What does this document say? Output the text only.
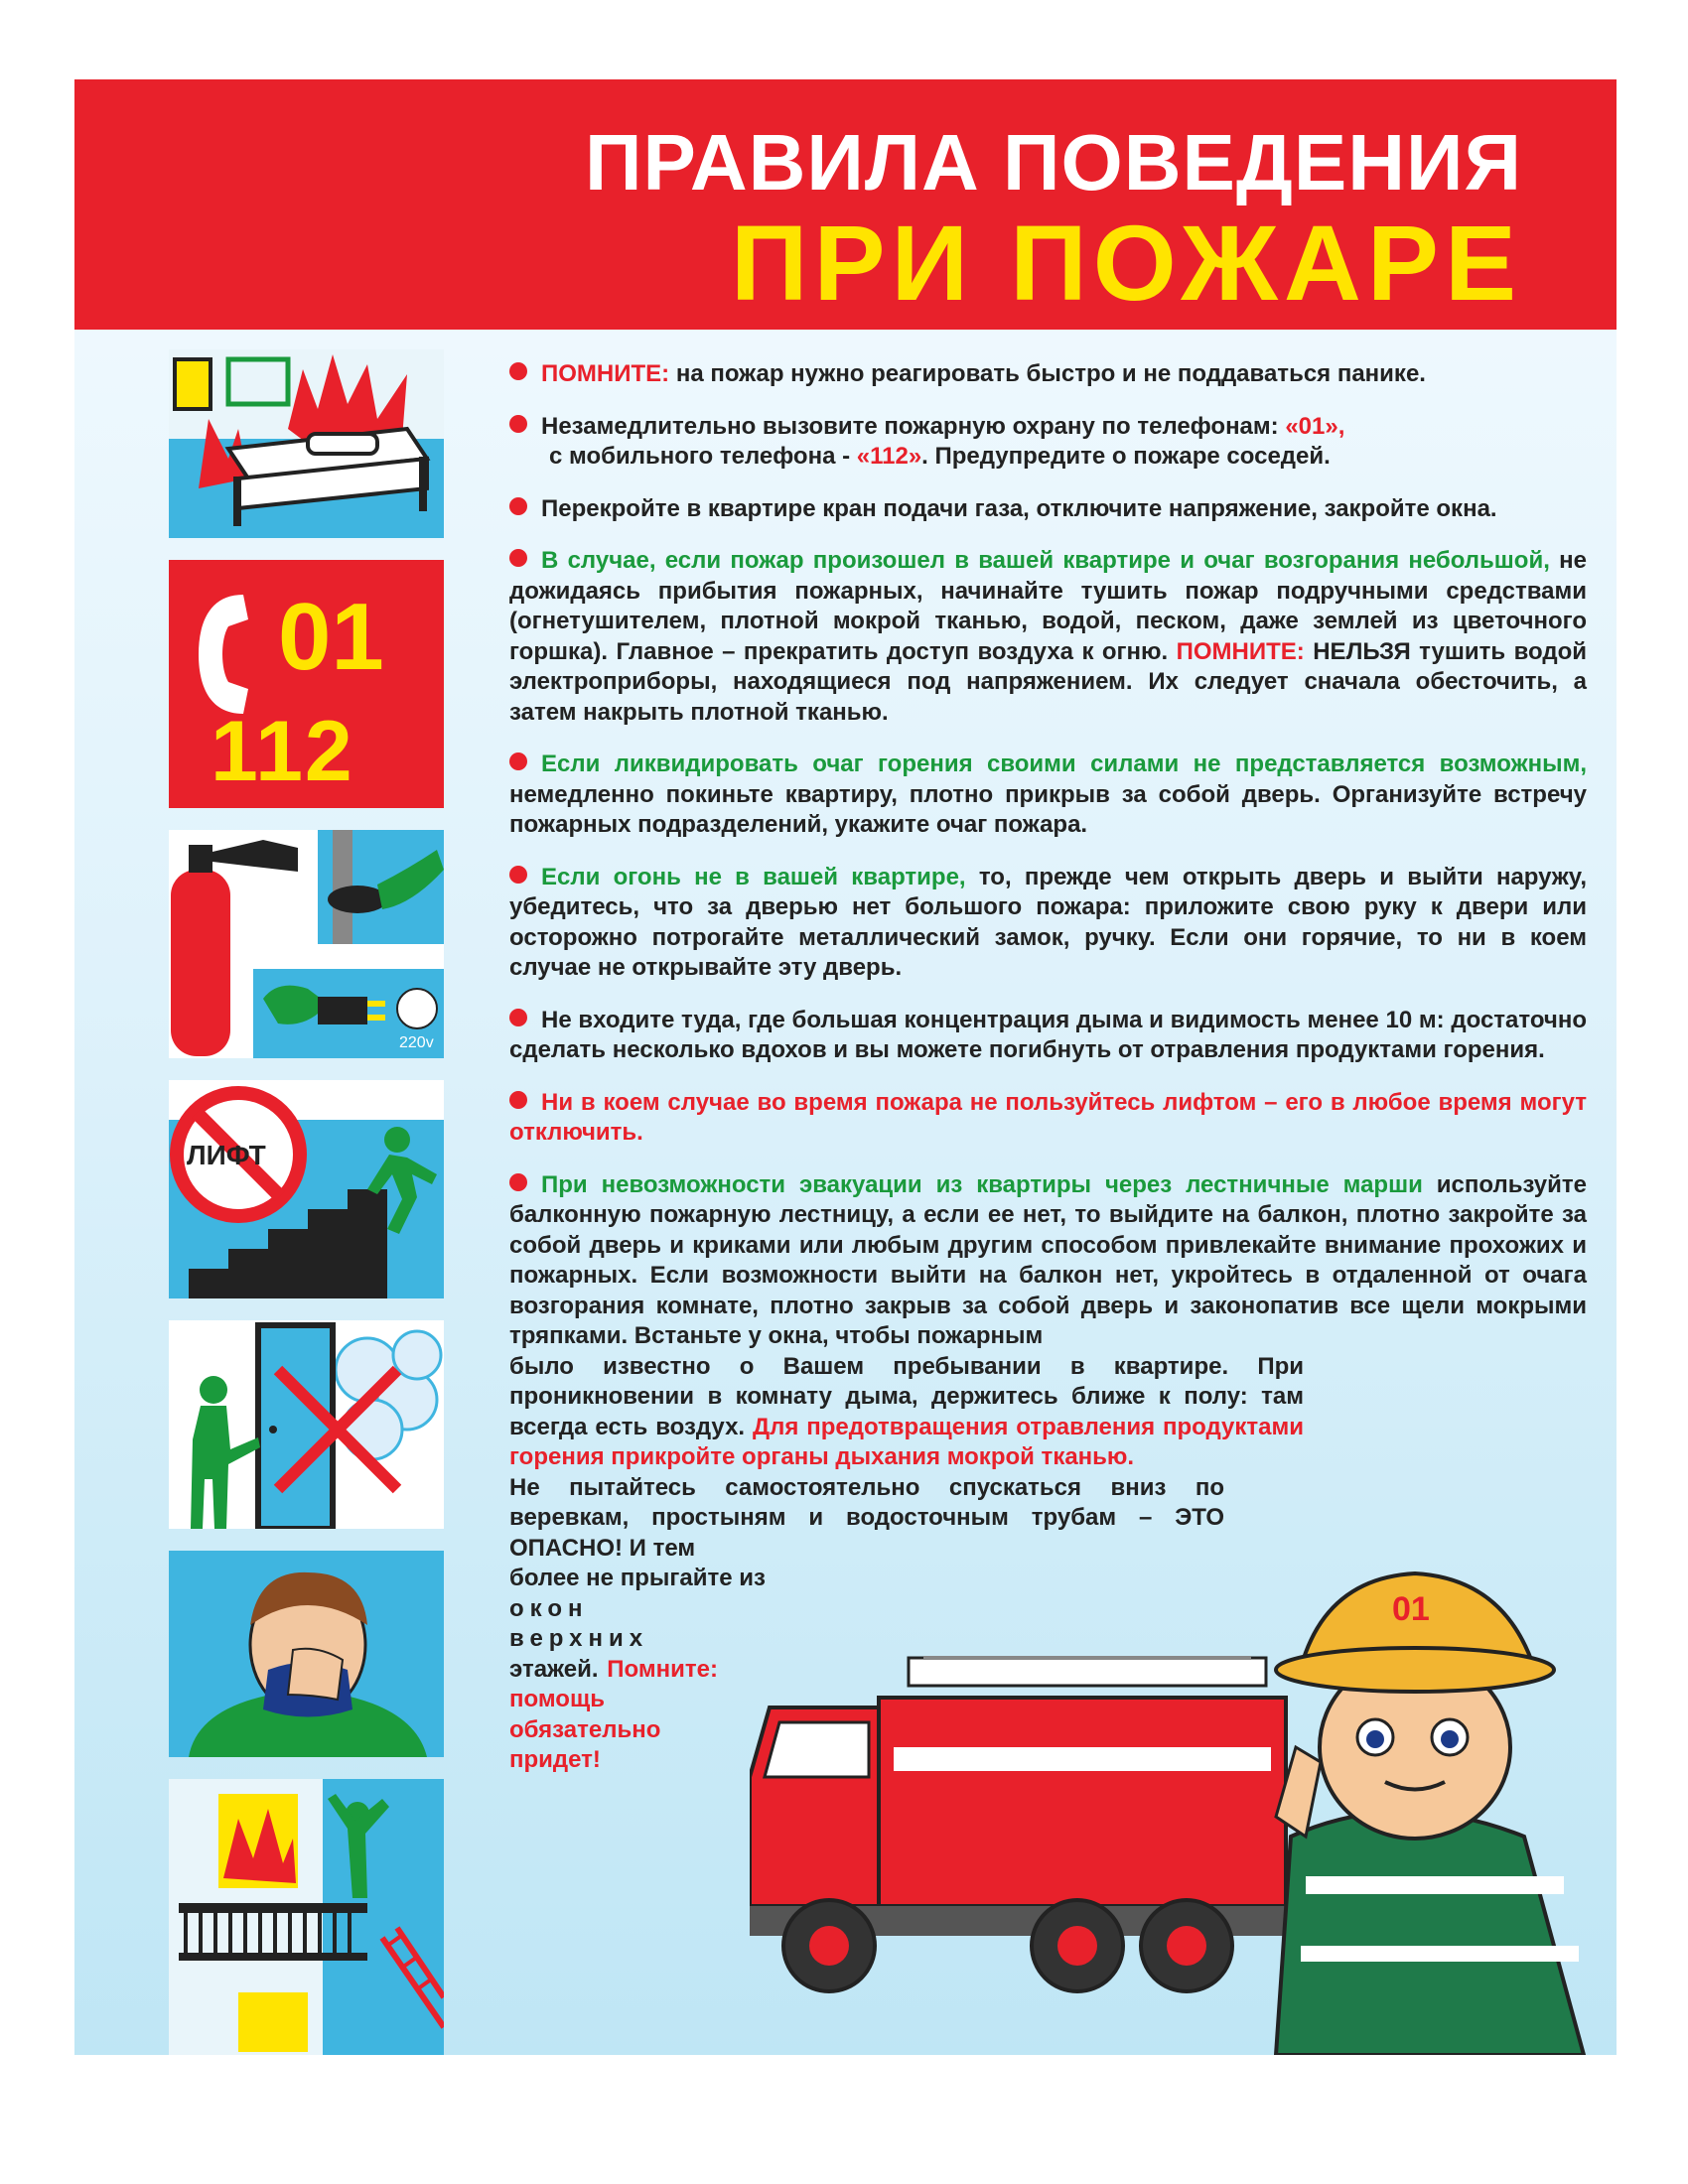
ПРАВИЛА ПОВЕДЕНИЯ
ПРИ ПОЖАРЕ
01
112
220v
ЛИФТ
01

ПОМНИТЕ: на пожар нужно реагировать быстро и не поддаваться панике.

Незамедлительно вызовите пожарную охрану по телефонам: «01»,
с мобильного телефона - «112». Предупредите о пожаре соседей.

Перекройте в квартире кран подачи газа, отключите напряжение, закройте окна.

В случае, если пожар произошел в вашей квартире и очаг возгорания небольшой, не дожидаясь прибытия пожарных, начинайте тушить пожар подручными средствами (огнетушителем, плотной мокрой тканью, водой, песком, даже землей из цветочного горшка). Главное – прекратить доступ воздуха к огню. ПОМНИТЕ: НЕЛЬЗЯ тушить водой электроприборы, находящиеся под напряжением. Их следует сначала обесточить, а затем накрыть плотной тканью.

Если ликвидировать очаг горения своими силами не представляется возможным, немедленно покиньте квартиру, плотно прикрыв за собой дверь. Организуйте встречу пожарных подразделений, укажите очаг пожара.

Если огонь не в вашей квартире, то, прежде чем открыть дверь и выйти наружу, убедитесь, что за дверью нет большого пожара: приложите свою руку к двери или осторожно потрогайте металлический замок, ручку. Если они горячие, то ни в коем случае не открывайте эту дверь.

Не входите туда, где большая концентрация дыма и видимость менее 10 м: достаточно сделать несколько вдохов и вы можете погибнуть от отравления продуктами горения.

Ни в коем случае во время пожара не пользуйтесь лифтом – его в любое время могут отключить.

При невозможности эвакуации из квартиры через лестничные марши используйте балконную пожарную лестницу, а если ее нет, то выйдите на балкон, плотно закройте за собой дверь и криками или любым другим способом привлекайте внимание прохожих и пожарных. Если возможности выйти на балкон нет, укройтесь в отдаленной от очага возгорания комнате, плотно закрыв за собой дверь и законопатив все щели мокрыми тряпками. Встаньте у окна, чтобы пожарным
было известно о Вашем пребывании в квартире. При проникновении в комнату дыма, держитесь ближе к полу: там всегда есть воздух. Для предотвращения отравления продуктами горения прикройте органы дыхания мокрой тканью.
Не пытайтесь самостоятельно спускаться вниз по веревкам, простыням и водосточным трубам – ЭТО ОПАСНО! И тем
более не прыгайте из
окон верхних
этажей. Помните: помощь обязательно придет!
